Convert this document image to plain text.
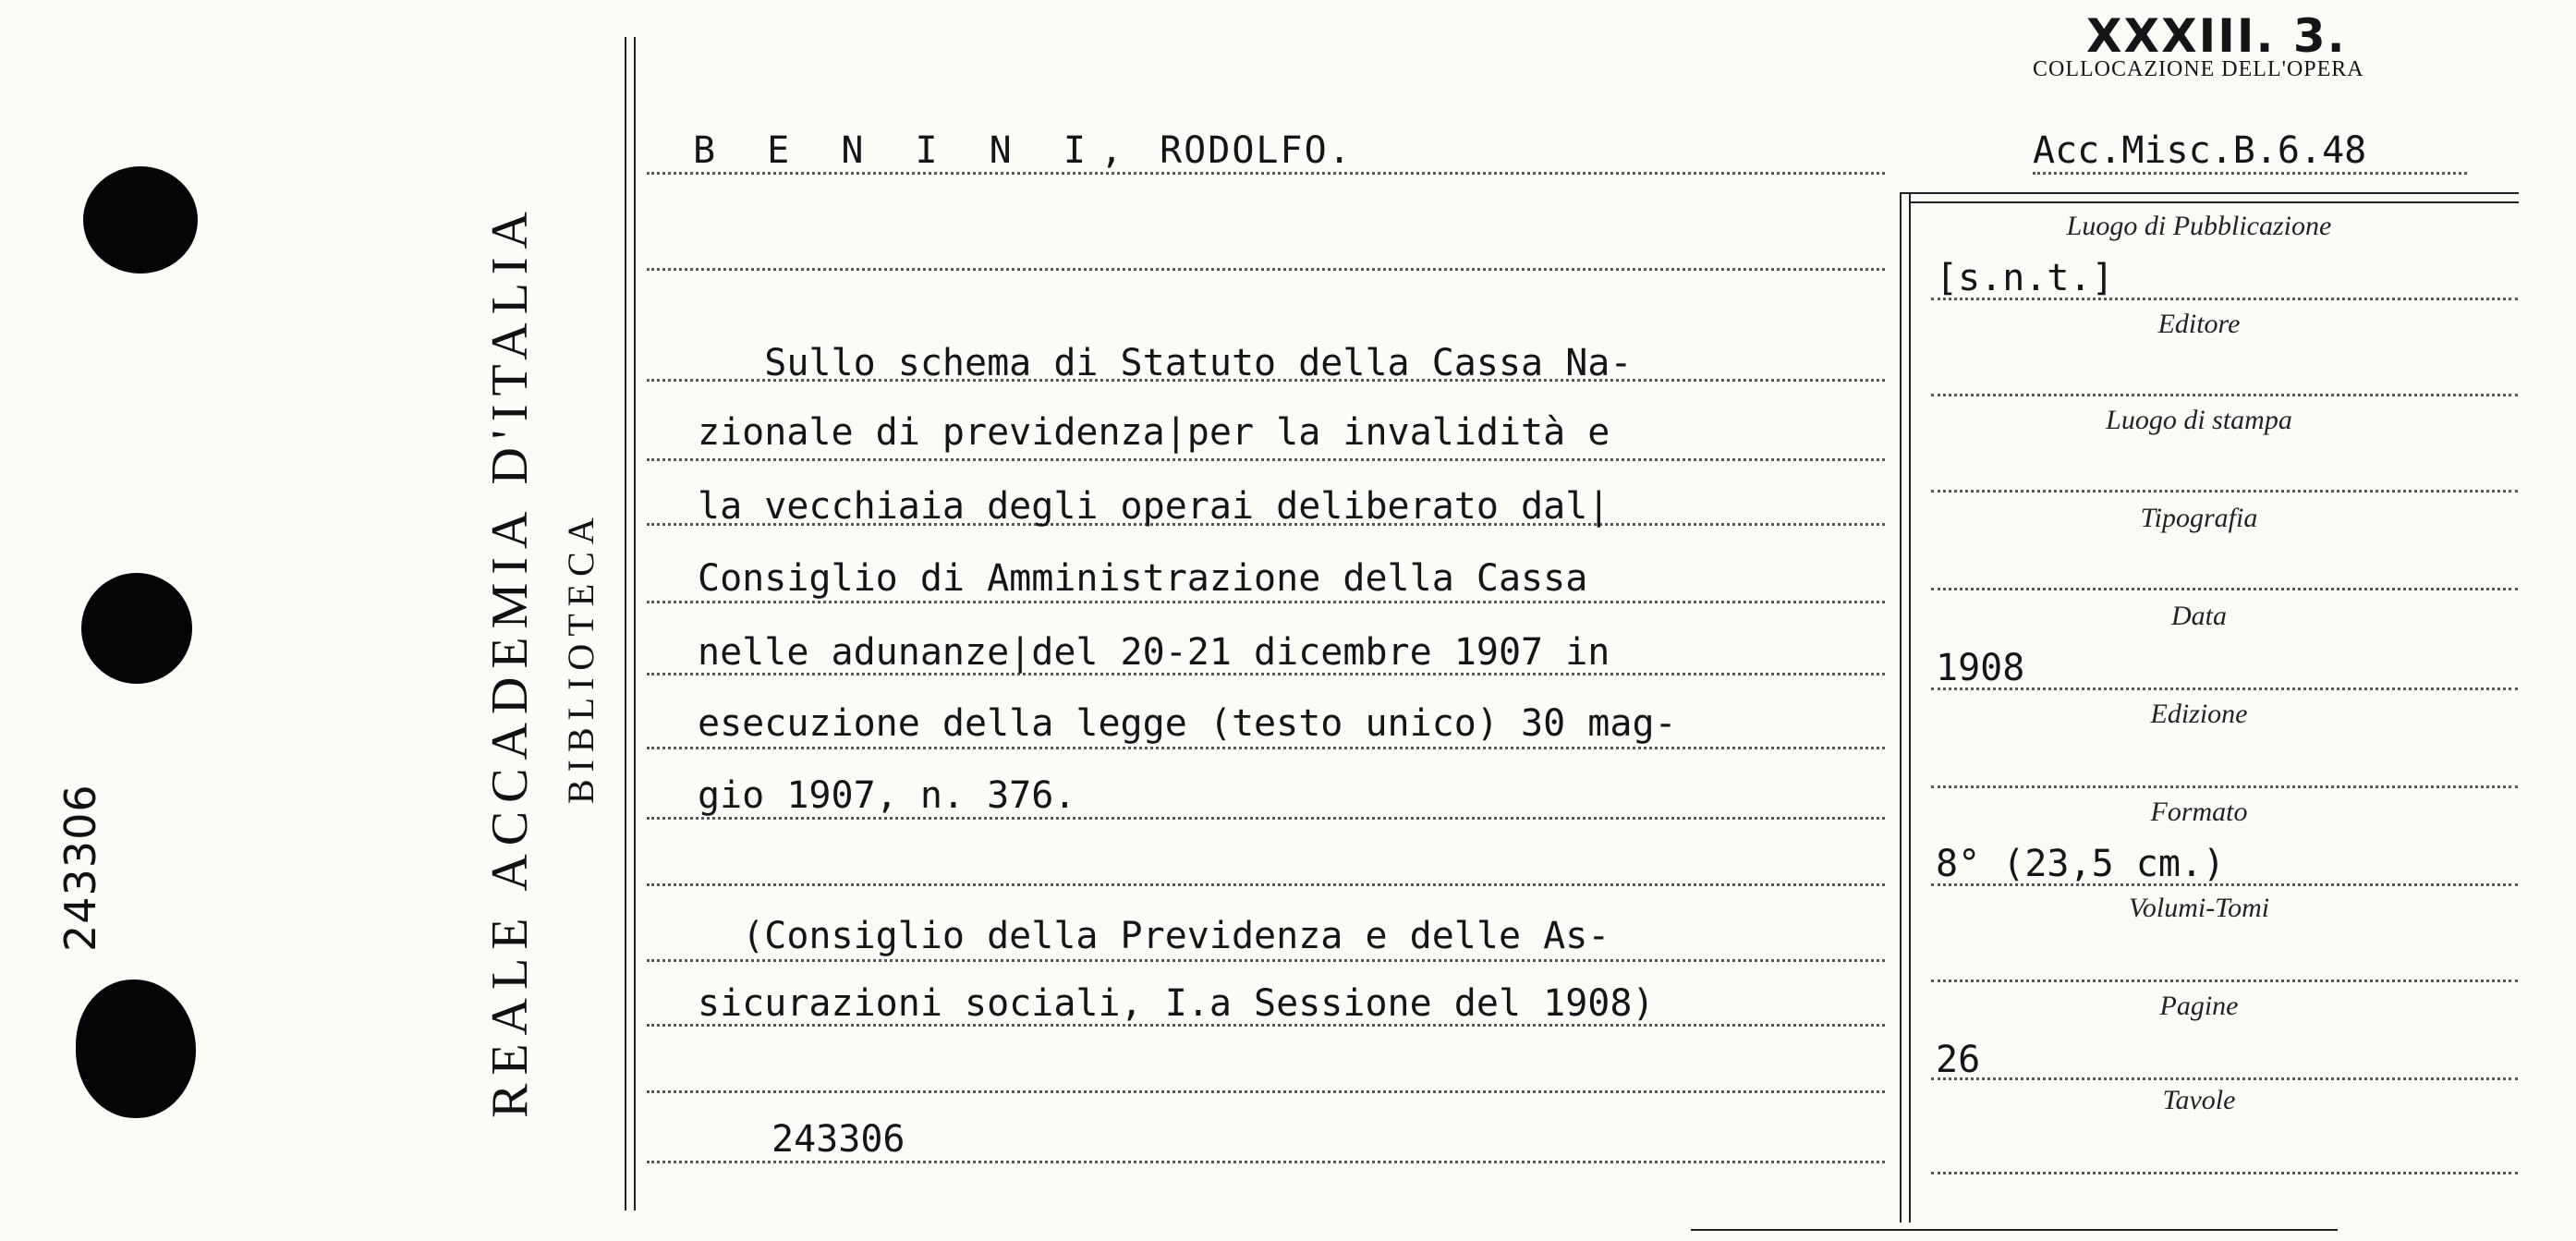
243306	REALE ACCADEMIA D'ITALIA BIBLIOTECA
XXXIII. 3.
COLLOCAZIONE DELL'OPERA
Acc.Misc.B.6.48
B E N I N I, RODOLFO.
Sullo schema di Statuto della Cassa Na-
zionale di previdenza|per la invalidità e
la vecchiaia degli operai deliberato dal|
Consiglio di Amministrazione della Cassa
nelle adunanze|del 20-21 dicembre 1907 in
esecuzione della legge (testo unico) 30 mag-
gio 1907, n. 376.
(Consiglio della Previdenza e delle As-
sicurazioni sociali, I.a Sessione del 1908)
243306
Luogo di Pubblicazione
[s.n.t.]
Editore
Luogo di stampa
Tipografia
Data
1908
Edizione
Formato
8° (23,5 cm.)
Volumi-Tomi
Pagine
26
Tavole
